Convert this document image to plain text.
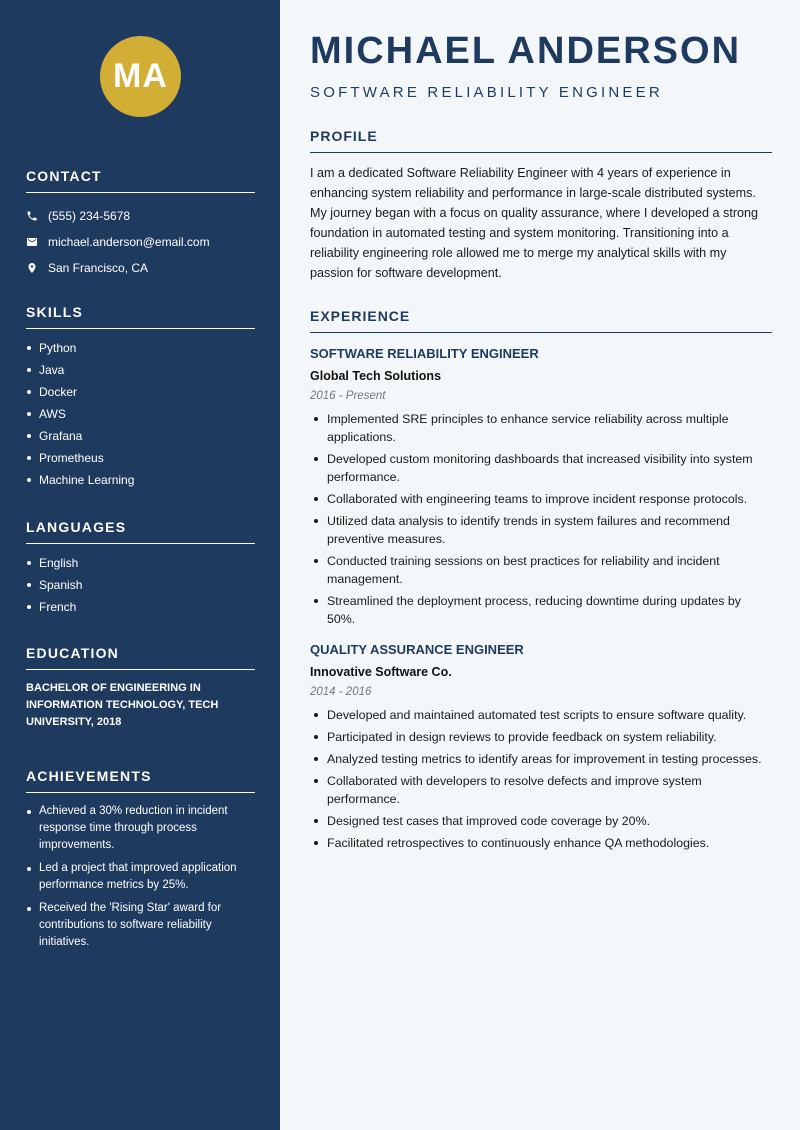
MA
CONTACT
(555) 234-5678
michael.anderson@email.com
San Francisco, CA
SKILLS
Python
Java
Docker
AWS
Grafana
Prometheus
Machine Learning
LANGUAGES
English
Spanish
French
EDUCATION

BACHELOR OF ENGINEERING IN INFORMATION TECHNOLOGY, TECH UNIVERSITY, 2018

ACHIEVEMENTS
Achieved a 30% reduction in incident response time through process improvements.
Led a project that improved application performance metrics by 25%.
Received the 'Rising Star' award for contributions to software reliability initiatives.
MICHAEL ANDERSON
SOFTWARE RELIABILITY ENGINEER
PROFILE

I am a dedicated Software Reliability Engineer with 4 years of experience in enhancing system reliability and performance in large-scale distributed systems. My journey began with a focus on quality assurance, where I developed a strong foundation in automated testing and system monitoring. Transitioning into a reliability engineering role allowed me to merge my analytical skills with my passion for software development.

EXPERIENCE
SOFTWARE RELIABILITY ENGINEER
Global Tech Solutions
2016 - Present
Implemented SRE principles to enhance service reliability across multiple applications.
Developed custom monitoring dashboards that increased visibility into system performance.
Collaborated with engineering teams to improve incident response protocols.
Utilized data analysis to identify trends in system failures and recommend preventive measures.
Conducted training sessions on best practices for reliability and incident management.
Streamlined the deployment process, reducing downtime during updates by 50%.
QUALITY ASSURANCE ENGINEER
Innovative Software Co.
2014 - 2016
Developed and maintained automated test scripts to ensure software quality.
Participated in design reviews to provide feedback on system reliability.
Analyzed testing metrics to identify areas for improvement in testing processes.
Collaborated with developers to resolve defects and improve system performance.
Designed test cases that improved code coverage by 20%.
Facilitated retrospectives to continuously enhance QA methodologies.
